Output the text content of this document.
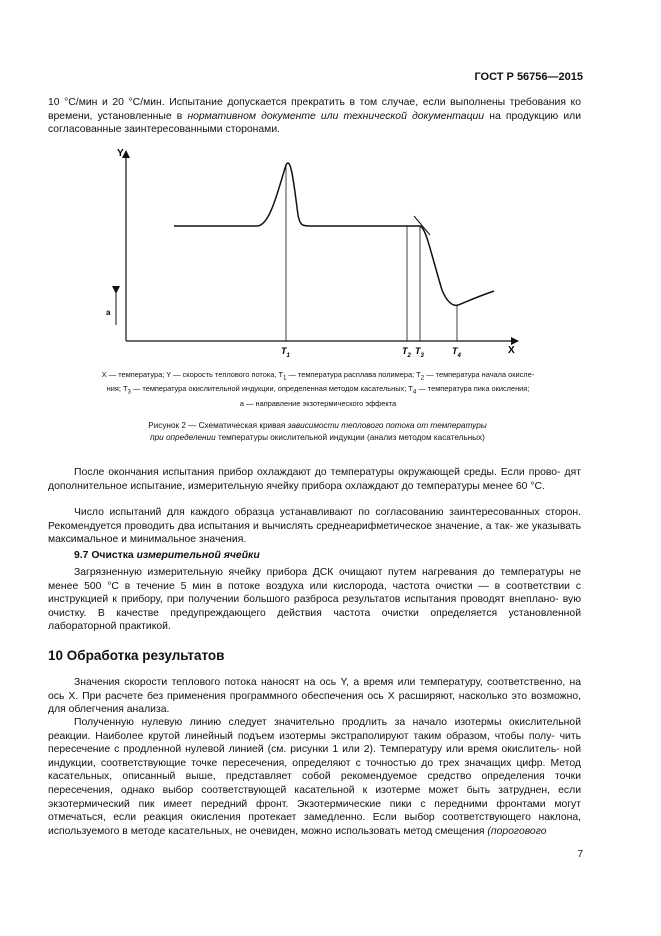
ГОСТ Р 56756—2015
10 °С/мин и 20 °С/мин. Испытание допускается прекратить в том случае, если выполнены требования ко времени, установленные в нормативном документе или технической документации на продукцию или согласованные заинтересованными сторонами.
Y
X
а
$T_1$	$T_2$ $T_3$	$T_4$
X — температура; Y — скорость теплового потока, $T_1$ — температура расплава полимера; $T_2$ — температура начала окисле-
ния; $T_3$ — температура окислительной индукции, определенная методом касательных; $T_4$ — температура пика окисления;
а — направление экзотермического эффекта
Рисунок 2 — Схематическая кривая зависимости теплового потока от температуры
при определении температуры окислительной индукции (анализ методом касательных)
После окончания испытания прибор охлаждают до температуры окружающей среды. Если прово- дят дополнительное испытание, измерительную ячейку прибора охлаждают до температуры менее 60 °С.
Число испытаний для каждого образца устанавливают по согласованию заинтересованных сторон. Рекомендуется проводить два испытания и вычислять среднеарифметическое значение, а так- же указывать максимальное и минимальное значения.
9.7 Очистка измерительной ячейки
Загрязненную измерительную ячейку прибора ДСК очищают путем нагревания до температуры не менее 500 °С в течение 5 мин в потоке воздуха или кислорода, частота очистки — в соответствии с инструкцией к прибору, при получении большого разброса результатов испытания проводят внеплано- вую очистку. В качестве предупреждающего действия частота очистки определяется установленной лабораторной практикой.
10 Обработка результатов
Значения скорости теплового потока наносят на ось Y, а время или температуру, соответственно, на ось X. При расчете без применения программного обеспечения ось X расширяют, насколько это возможно, для облегчения анализа.
Полученную нулевую линию следует значительно продлить за начало изотермы окислительной реакции. Наиболее крутой линейный подъем изотермы экстраполируют таким образом, чтобы полу- чить пересечение с продленной нулевой линией (см. рисунки 1 или 2). Температуру или время окислитель- ной индукции, соответствующие точке пересечения, определяют с точностью до трех значащих цифр. Метод касательных, описанный выше, представляет собой рекомендуемое средство определения точки пересечения, однако выбор соответствующей касательной к изотерме может быть затруднен, если экзотермический пик имеет передний фронт. Экзотермические пики с передними фронтами могут отмечаться, если реакция окисления протекает замедленно. Если выбор соответствующего наклона, используемого в методе касательных, не очевиден, можно использовать метод смещения (порогового
7
